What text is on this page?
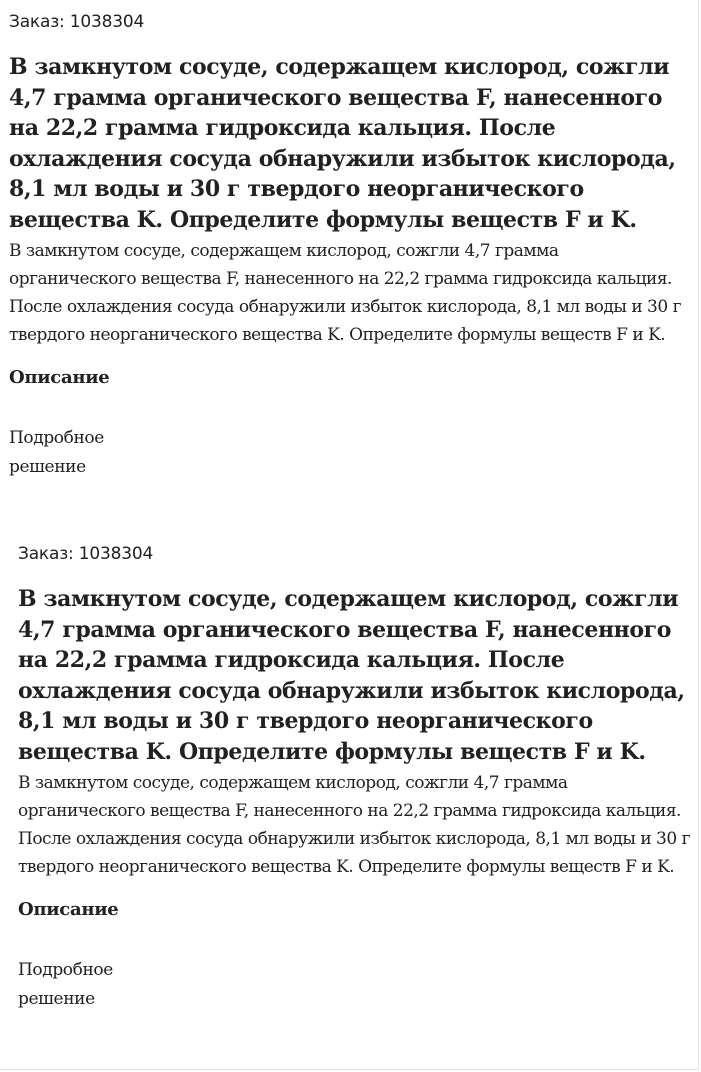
Заказ: 1038304
В замкнутом сосуде, содержащем кислород, сожгли 4,7 грамма органического вещества F, нанесенного на 22,2 грамма гидроксида кальция. После охлаждения сосуда обнаружили избыток кислорода, 8,1 мл воды и 30 г твердого неорганического вещества K. Определите формулы веществ F и K.

В замкнутом сосуде, содержащем кислород, сожгли 4,7 грамма органического вещества F, нанесенного на 22,2 грамма гидроксида кальция. После охлаждения сосуда обнаружили избыток кислорода, 8,1 мл воды и 30 г твердого неорганического вещества K. Определите формулы веществ F и K.

Описание
Подробное решение
Заказ: 1038304
В замкнутом сосуде, содержащем кислород, сожгли 4,7 грамма органического вещества F, нанесенного на 22,2 грамма гидроксида кальция. После охлаждения сосуда обнаружили избыток кислорода, 8,1 мл воды и 30 г твердого неорганического вещества K. Определите формулы веществ F и K.

В замкнутом сосуде, содержащем кислород, сожгли 4,7 грамма органического вещества F, нанесенного на 22,2 грамма гидроксида кальция. После охлаждения сосуда обнаружили избыток кислорода, 8,1 мл воды и 30 г твердого неорганического вещества K. Определите формулы веществ F и K.

Описание
Подробное решение
